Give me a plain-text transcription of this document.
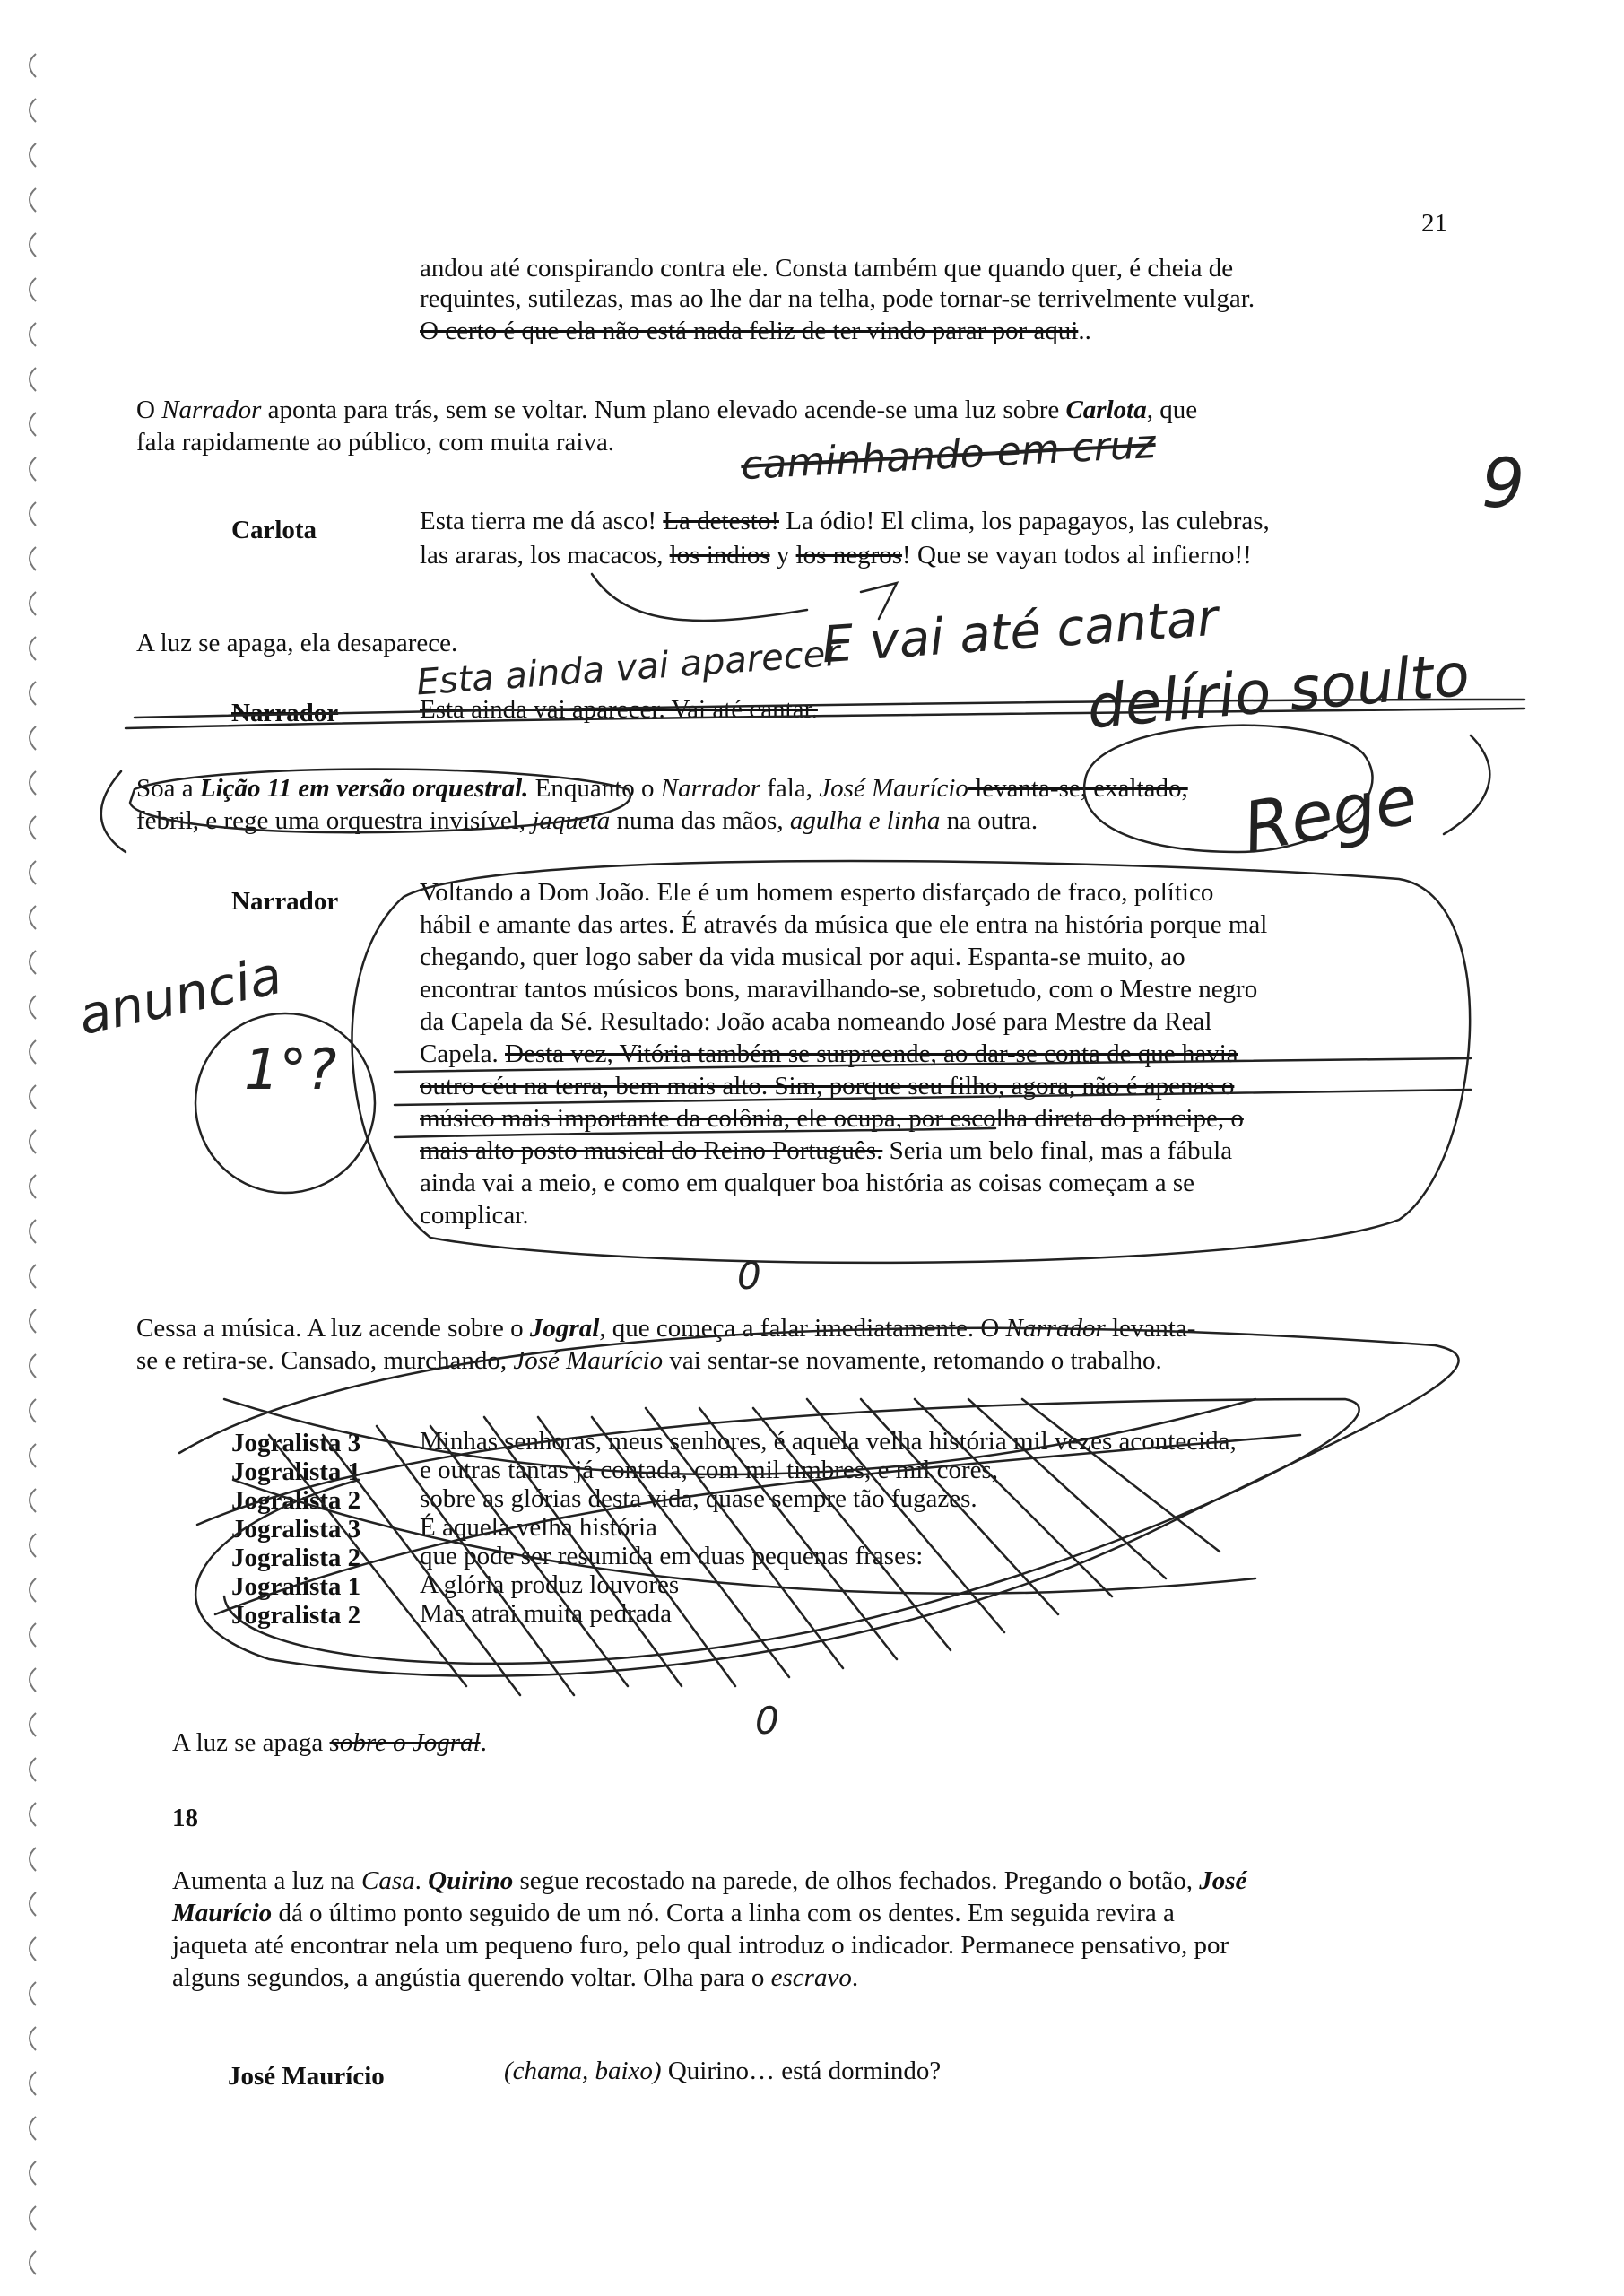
21
andou até conspirando contra ele. Consta também que quando quer, é cheia de
requintes, sutilezas, mas ao lhe dar na telha, pode tornar-se terrivelmente vulgar.
O certo é que ela não está nada feliz de ter vindo parar por aqui..
O Narrador aponta para trás, sem se voltar. Num plano elevado acende-se uma luz sobre Carlota, que
fala rapidamente ao público, com muita raiva.
Carlota	Esta tierra me dá asco! La detesto! La ódio! El clima, los papagayos, las culebras,
las araras, los macacos, los indios y los negros! Que se vayan todos al infierno!!
A luz se apaga, ela desaparece.
Narrador	Esta ainda vai aparecer. Vai até cantar.
Soa a Lição 11 em versão orquestral. Enquanto o Narrador fala, José Maurício levanta-se, exaltado,
febril, e rege uma orquestra invisível, jaqueta numa das mãos, agulha e linha na outra.
Narrador	Voltando a Dom João. Ele é um homem esperto disfarçado de fraco, político
hábil e amante das artes. É através da música que ele entra na história porque mal
chegando, quer logo saber da vida musical por aqui. Espanta-se muito, ao
encontrar tantos músicos bons, maravilhando-se, sobretudo, com o Mestre negro
da Capela da Sé. Resultado: João acaba nomeando José para Mestre da Real
Capela. Desta vez, Vitória também se surpreende, ao dar-se conta de que havia
outro céu na terra, bem mais alto. Sim, porque seu filho, agora, não é apenas o
músico mais importante da colônia, ele ocupa, por escolha direta do príncipe, o
mais alto posto musical do Reino Português. Seria um belo final, mas a fábula
ainda vai a meio, e como em qualquer boa história as coisas começam a se
complicar.
Cessa a música. A luz acende sobre o Jogral, que começa a falar imediatamente. O Narrador levanta-
se e retira-se. Cansado, murchando, José Maurício vai sentar-se novamente, retomando o trabalho.
Jogralista 3 Minhas senhoras, meus senhores, é aquela velha história mil vezes acontecida,
Jogralista 1 e outras tantas já contada, com mil timbres, e mil cores,
Jogralista 2 sobre as glórias desta vida, quase sempre tão fugazes.
Jogralista 3 É aquela velha história
Jogralista 2 que pode ser resumida em duas pequenas frases:
Jogralista 1 A glória produz louvores
Jogralista 2 Mas atrai muita pedrada
A luz se apaga sobre o Jogral.
18
Aumenta a luz na Casa. Quirino segue recostado na parede, de olhos fechados. Pregando o botão, José
Maurício dá o último ponto seguido de um nó. Corta a linha com os dentes. Em seguida revira a
jaqueta até encontrar nela um pequeno furo, pelo qual introduz o indicador. Permanece pensativo, por
alguns segundos, a angústia querendo voltar. Olha para o escravo.
José Maurício	(chama, baixo) Quirino… está dormindo?
caminhando em cruz	9
Esta ainda vai aparecer
E vai até cantar
delírio soulto
Rege
anuncia
1°?
0
0
